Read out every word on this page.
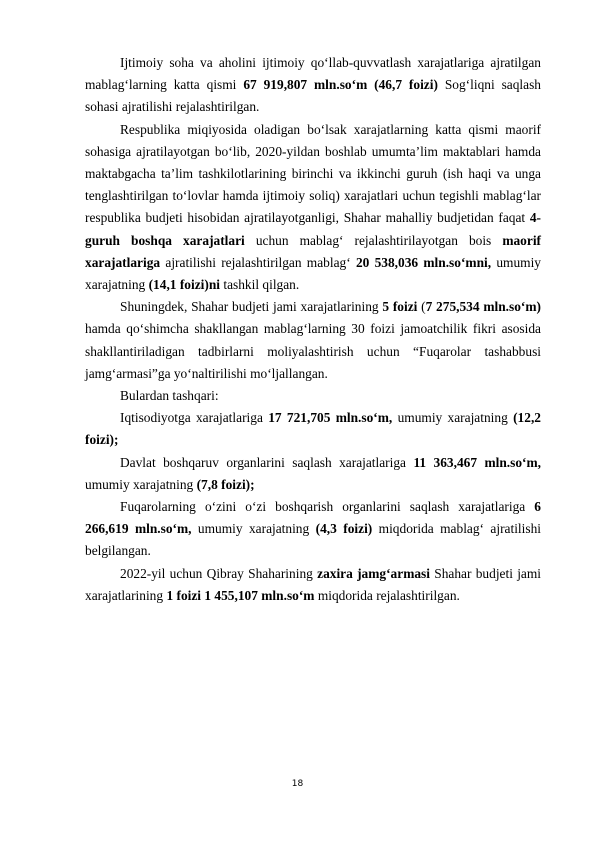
Ijtimoiy soha va aholini ijtimoiy qo‘llab-quvvatlash xarajatlariga ajratilgan mablag‘larning katta qismi 67 919,807 mln.so‘m (46,7 foizi) Sog‘liqni saqlash sohasi ajratilishi rejalashtirilgan.

Respublika miqiyosida oladigan bo‘lsak xarajatlarning katta qismi maorif sohasiga ajratilayotgan bo‘lib, 2020-yildan boshlab umumta’lim maktablari hamda maktabgacha ta’lim tashkilotlarining birinchi va ikkinchi guruh (ish haqi va unga tenglashtirilgan to‘lovlar hamda ijtimoiy soliq) xarajatlari uchun tegishli mablag‘lar respublika budjeti hisobidan ajratilayotganligi, Shahar mahalliy budjetidan faqat 4-guruh boshqa xarajatlari uchun mablag‘ rejalashtirilayotgan bois maorif xarajatlariga ajratilishi rejalashtirilgan mablag‘ 20 538,036 mln.so‘mni, umumiy xarajatning (14,1 foizi)ni tashkil qilgan.

Shuningdek, Shahar budjeti jami xarajatlarining 5 foizi (7 275,534 mln.so‘m) hamda qo‘shimcha shakllangan mablag‘larning 30 foizi jamoatchilik fikri asosida shakllantiriladigan tadbirlarni moliyalashtirish uchun “Fuqarolar tashabbusi jamg‘armasi”ga yo‘naltirilishi mo‘ljallangan.

Bulardan tashqari:

Iqtisodiyotga xarajatlariga 17 721,705 mln.so‘m, umumiy xarajatning (12,2 foizi);

Davlat boshqaruv organlarini saqlash xarajatlariga 11 363,467 mln.so‘m, umumiy xarajatning (7,8 foizi);

Fuqarolarning o‘zini o‘zi boshqarish organlarini saqlash xarajatlariga 6 266,619 mln.so‘m, umumiy xarajatning (4,3 foizi) miqdorida mablag‘ ajratilishi belgilangan.

2022-yil uchun Qibray Shaharining zaxira jamg‘armasi Shahar budjeti jami xarajatlarining 1 foizi 1 455,107 mln.so‘m miqdorida rejalashtirilgan.

18
